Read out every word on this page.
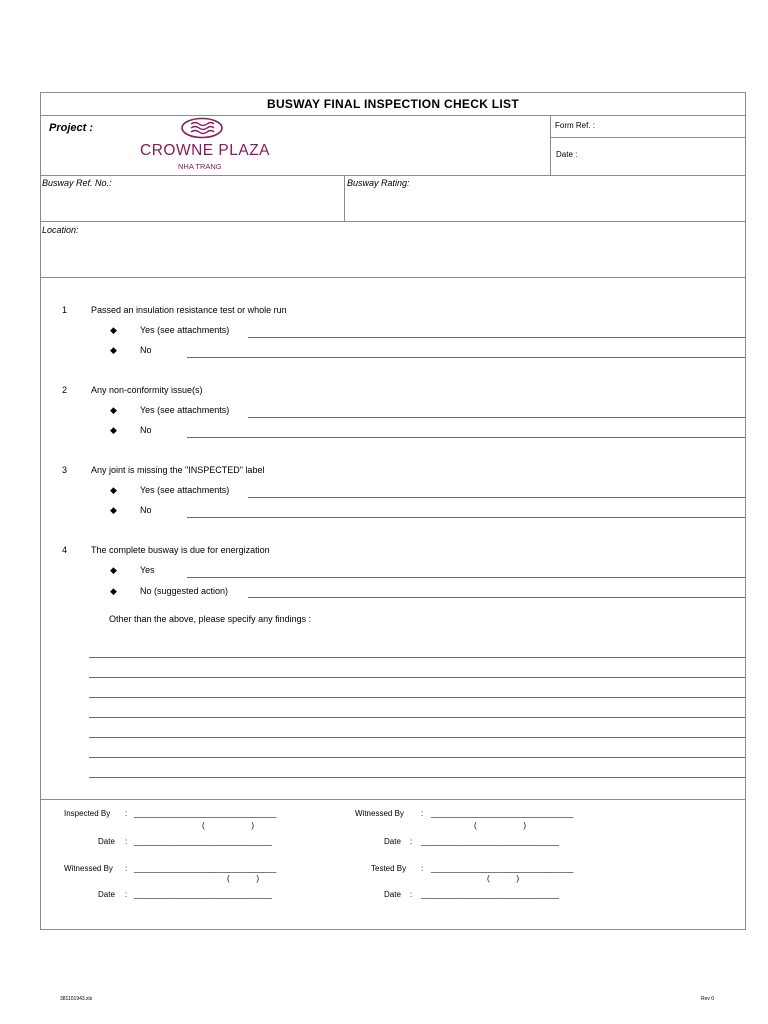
BUSWAY FINAL INSPECTION CHECK LIST
Project :
CROWNE PLAZA
NHA TRANG
Form Ref. :
Date :
Busway Ref. No.:	Busway Rating:
Location:
1	Passed an insulation resistance test or whole run
◆	Yes (see attachments)
◆	No
2	Any non-conformity issue(s)
◆	Yes (see attachments)
◆	No
3	Any joint is missing the "INSPECTED" label
◆	Yes (see attachments)
◆	No
4	The complete busway is due for energization
◆	Yes
◆	No (suggested action)
Other than the above, please specify any findings :
Inspected By : ________________________________
(                     )
Date : _______________________________
Witnessed By : ________________________________
(            )
Date : _______________________________
Witnessed By : ________________________________
(                     )
Date : _______________________________
Tested By : ________________________________
(            )
Date : _______________________________
381101943.xls	Rev 0
